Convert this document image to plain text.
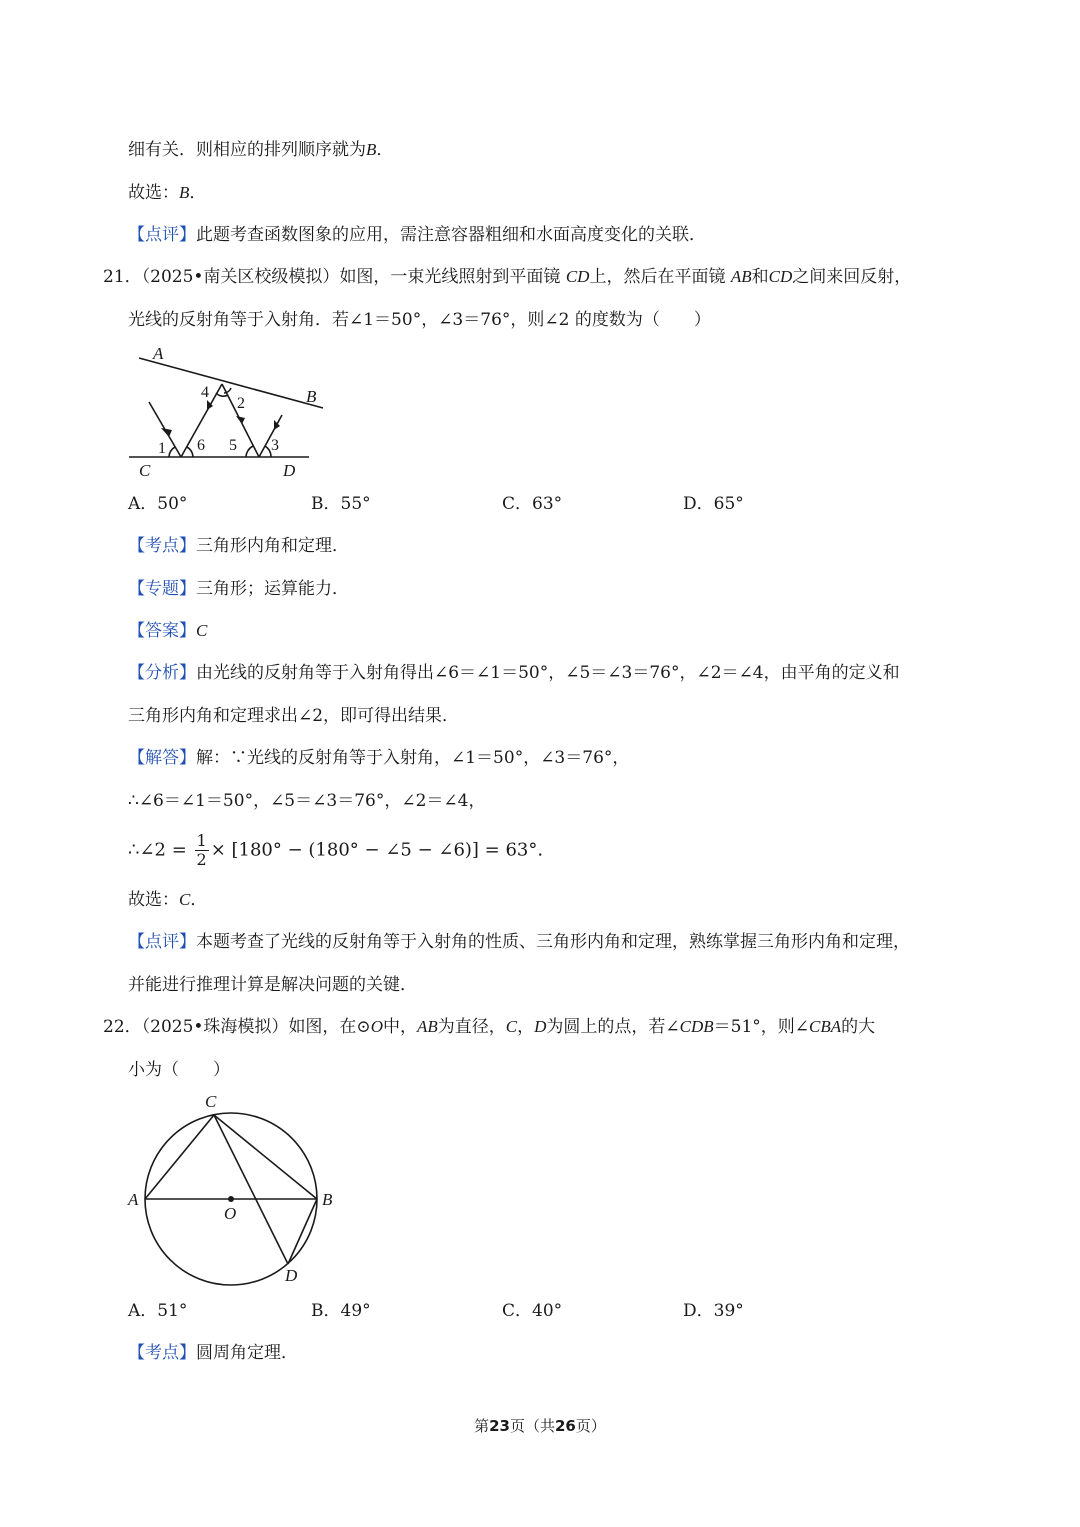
细有关．则相应的排列顺序就为B．
故选：B．
【点评】此题考查函数图象的应用，需注意容器粗细和水面高度变化的关联．
21．（2025•南关区校级模拟）如图，一束光线照射到平面镜 CD上，然后在平面镜 AB和CD之间来回反射，
光线的反射角等于入射角．若∠1＝50°，∠3＝76°，则∠2 的度数为（　　）
A
B
C	D
1
2
3
4
5
6
A．50°	B．55°	C．63°	D．65°
【考点】三角形内角和定理．
【专题】三角形；运算能力．
【答案】C
【分析】由光线的反射角等于入射角得出∠6＝∠1＝50°，∠5＝∠3＝76°，∠2＝∠4，由平角的定义和
三角形内角和定理求出∠2，即可得出结果．
【解答】解：∵光线的反射角等于入射角，∠1＝50°，∠3＝76°，
∴∠6＝∠1＝50°，∠5＝∠3＝76°，∠2＝∠4，
∴∠2 = $\frac{1}{2} \times [180^\circ - (180^\circ$ − ∠5 − ∠6)] = 63°.
故选：C．
【点评】本题考查了光线的反射角等于入射角的性质、三角形内角和定理，熟练掌握三角形内角和定理，
并能进行推理计算是解决问题的关键．
22．（2025•珠海模拟）如图，在⊙O中，AB为直径，C，D为圆上的点，若∠CDB＝51°，则∠CBA的大
小为（　　）
C
A	B
O
D
A．51°	B．49°	C．40°	D．39°
【考点】圆周角定理．
第23页（共26页）
